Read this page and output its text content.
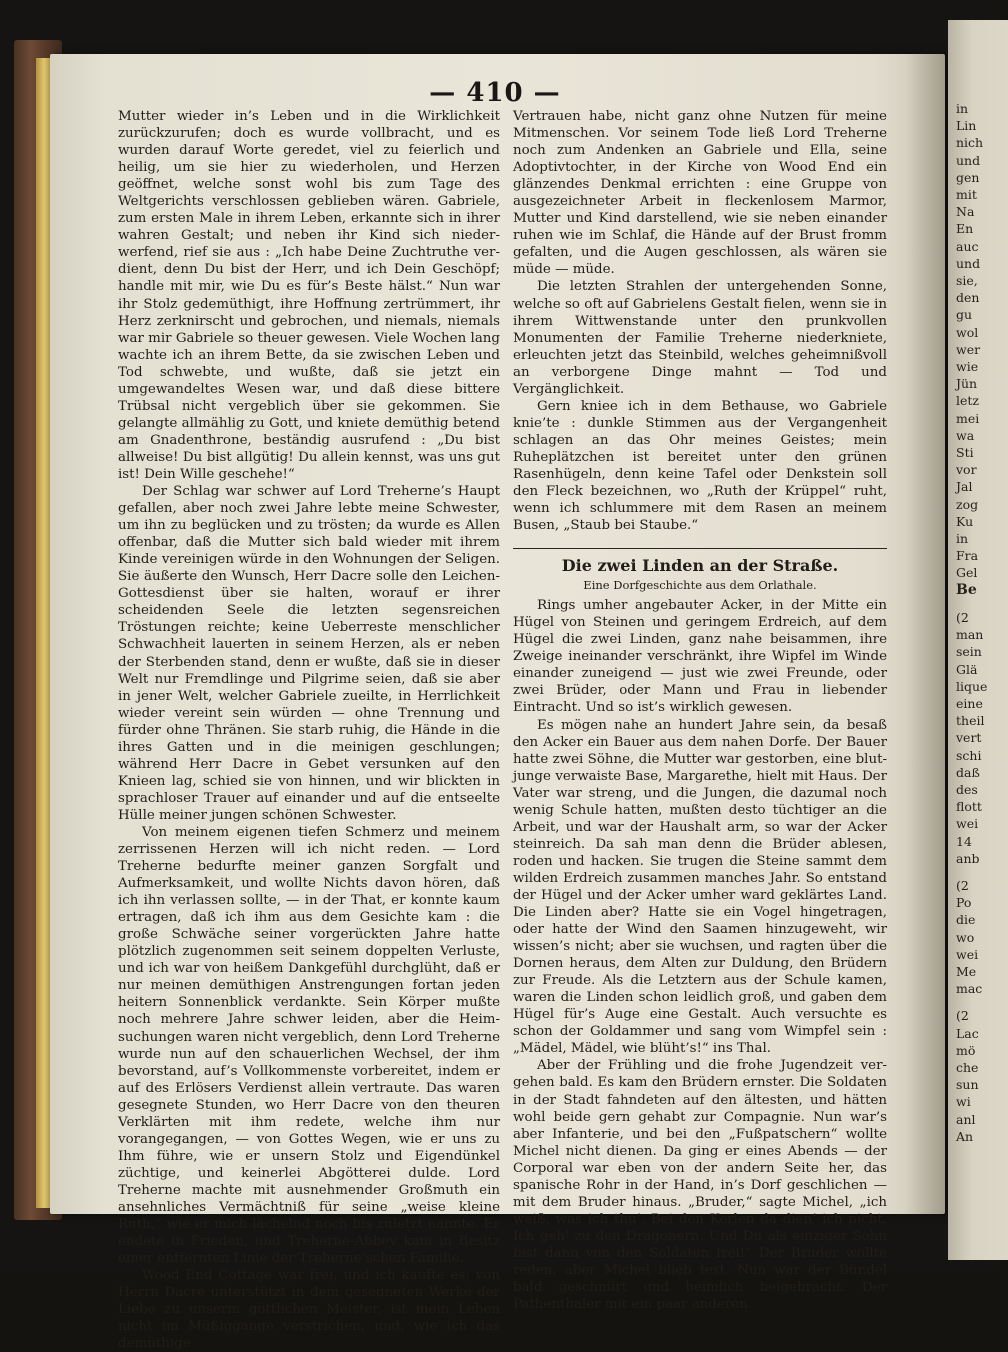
— 410 —

Mutter wieder in’s Leben und in die Wirklichkeit zurückzurufen; doch es wurde vollbracht, und es wurden darauf Worte geredet, viel zu feierlich und heilig, um sie hier zu wiederholen, und Herzen geöffnet, welche sonst wohl bis zum Tage des Weltgerichts verschlossen geblieben wären. Gabriele, zum ersten Male in ihrem Leben, erkannte sich in ihrer wahren Gestalt; und neben ihr Kind sich niederwerfend, rief sie aus : „Ich habe Deine Zuchtruthe verdient, denn Du bist der Herr, und ich Dein Geschöpf; handle mit mir, wie Du es für’s Beste hälst.“ Nun war ihr Stolz gedemüthigt, ihre Hoffnung zertrümmert, ihr Herz zerknirscht und gebrochen, und niemals, niemals war mir Gabriele so theuer gewesen. Viele Wochen lang wachte ich an ihrem Bette, da sie zwischen Leben und Tod schwebte, und wußte, daß sie jetzt ein umgewandeltes Wesen war, und daß diese bittere Trübsal nicht vergeblich über sie gekommen. Sie gelangte allmählig zu Gott, und kniete demüthig betend am Gnadenthrone, beständig ausrufend : „Du bist allweise! Du bist allgütig! Du allein kennst, was uns gut ist! Dein Wille geschehe!“

Der Schlag war schwer auf Lord Treherne’s Haupt gefallen, aber noch zwei Jahre lebte meine Schwester, um ihn zu beglücken und zu trösten; da wurde es Allen offenbar, daß die Mutter sich bald wieder mit ihrem Kinde vereinigen würde in den Wohnungen der Seligen. Sie äußerte den Wunsch, Herr Dacre solle den Leichen-Gottesdienst über sie halten, worauf er ihrer scheidenden Seele die letzten segensreichen Tröstungen reichte; keine Ueberreste menschlicher Schwachheit lauerten in seinem Herzen, als er neben der Sterbenden stand, denn er wußte, daß sie in dieser Welt nur Fremdlinge und Pilgrime seien, daß sie aber in jener Welt, welcher Gabriele zueilte, in Herrlichkeit wieder vereint sein würden — ohne Trennung und fürder ohne Thränen. Sie starb ruhig, die Hände in die ihres Gatten und in die meinigen geschlungen; während Herr Dacre in Gebet versunken auf den Knieen lag, schied sie von hinnen, und wir blickten in sprachloser Trauer auf einander und auf die entseelte Hülle meiner jungen schönen Schwester.

Von meinem eigenen tiefen Schmerz und meinem zerrissenen Herzen will ich nicht reden. — Lord Treherne bedurfte meiner ganzen Sorgfalt und Aufmerksamkeit, und wollte Nichts davon hören, daß ich ihn verlassen sollte, — in der That, er konnte kaum ertragen, daß ich ihm aus dem Gesichte kam : die große Schwäche seiner vorgerückten Jahre hatte plötzlich zugenommen seit seinem doppelten Verluste, und ich war von heißem Dankgefühl durchglüht, daß er nur meinen demüthigen Anstrengungen fortan jeden heitern Sonnenblick verdankte. Sein Körper mußte noch mehrere Jahre schwer leiden, aber die Heimsuchungen waren nicht vergeblich, denn Lord Treherne wurde nun auf den schauerlichen Wechsel, der ihm bevorstand, auf’s Vollkommenste vorbereitet, indem er auf des Erlösers Verdienst allein vertraute. Das waren gesegnete Stunden, wo Herr Dacre von den theuren Verklärten mit ihm redete, welche ihm nur vorangegangen, — von Gottes Wegen, wie er uns zu Ihm führe, wie er unsern Stolz und Eigendünkel züchtige, und keinerlei Abgötterei dulde. Lord Treherne machte mit ausnehmender Großmuth ein ansehnliches Vermächtniß für seine „weise kleine Ruth,“ wie er mich lächelnd noch bis zuletzt nannte. Er endete in Frieden, und Treherne-Abbey kam in Besitz einer entfernten Linie der Treherne’schen Familie.

Wood End Cottage war frei, und ich kaufte es; von Herrn Dacre unterstützt in dem gesegneten Werke der Liebe zu unserm göttlichen Meister, ist mein Leben nicht im Müßiggange verstrichen, und, wie ich das demüthige

Vertrauen habe, nicht ganz ohne Nutzen für meine Mitmenschen. Vor seinem Tode ließ Lord Treherne noch zum Andenken an Gabriele und Ella, seine Adoptivtochter, in der Kirche von Wood End ein glänzendes Denkmal errichten : eine Gruppe von ausgezeichneter Arbeit in fleckenlosem Marmor, Mutter und Kind darstellend, wie sie neben einander ruhen wie im Schlaf, die Hände auf der Brust fromm gefalten, und die Augen geschlossen, als wären sie müde — müde.

Die letzten Strahlen der untergehenden Sonne, welche so oft auf Gabrielens Gestalt fielen, wenn sie in ihrem Wittwenstande unter den prunkvollen Monumenten der Familie Treherne niederkniete, erleuchten jetzt das Steinbild, welches geheimnißvoll an verborgene Dinge mahnt — Tod und Vergänglichkeit.

Gern kniee ich in dem Bethause, wo Gabriele knie’te : dunkle Stimmen aus der Vergangenheit schlagen an das Ohr meines Geistes; mein Ruheplätzchen ist bereitet unter den grünen Rasenhügeln, denn keine Tafel oder Denkstein soll den Fleck bezeichnen, wo „Ruth der Krüppel“ ruht, wenn ich schlummere mit dem Rasen an meinem Busen, „Staub bei Staube.“

Die zwei Linden an der Straße.
Eine Dorfgeschichte aus dem Orlathale.

Rings umher angebauter Acker, in der Mitte ein Hügel von Steinen und geringem Erdreich, auf dem Hügel die zwei Linden, ganz nahe beisammen, ihre Zweige ineinander verschränkt, ihre Wipfel im Winde einander zuneigend — just wie zwei Freunde, oder zwei Brüder, oder Mann und Frau in liebender Eintracht. Und so ist’s wirklich gewesen.

Es mögen nahe an hundert Jahre sein, da besaß den Acker ein Bauer aus dem nahen Dorfe. Der Bauer hatte zwei Söhne, die Mutter war gestorben, eine blutjunge verwaiste Base, Margarethe, hielt mit Haus. Der Vater war streng, und die Jungen, die dazumal noch wenig Schule hatten, mußten desto tüchtiger an die Arbeit, und war der Haushalt arm, so war der Acker steinreich. Da sah man denn die Brüder ablesen, roden und hacken. Sie trugen die Steine sammt dem wilden Erdreich zusammen manches Jahr. So entstand der Hügel und der Acker umher ward geklärtes Land. Die Linden aber? Hatte sie ein Vogel hingetragen, oder hatte der Wind den Saamen hinzugeweht, wir wissen’s nicht; aber sie wuchsen, und ragten über die Dornen heraus, dem Alten zur Duldung, den Brüdern zur Freude. Als die Letztern aus der Schule kamen, waren die Linden schon leidlich groß, und gaben dem Hügel für’s Auge eine Gestalt. Auch versuchte es schon der Goldammer und sang vom Wimpfel sein : „Mädel, Mädel, wie blüht’s!“ ins Thal.

Aber der Frühling und die frohe Jugendzeit vergehen bald. Es kam den Brüdern ernster. Die Soldaten in der Stadt fahndeten auf den ältesten, und hätten wohl beide gern gehabt zur Compagnie. Nun war’s aber Infanterie, und bei den „Fußpatschern“ wollte Michel nicht dienen. Da ging er eines Abends — der Corporal war eben von der andern Seite her, das spanische Rohr in der Hand, in’s Dorf geschlichen — mit dem Bruder hinaus. „Bruder,“ sagte Michel, „ich weiß, was ich thu’. Bei den Kerlen da dien’ ich nicht. Ich geh’ zu den Dragonern. Und Du als einziger Sohn bist dann von den Soldaten frei!“ Der Bruder wollte reden, aber Michel blieb fest. Nun war der Bündel bald geschnürt und heimlich beigebracht. Der Pathenthaler mit ein paar anderen

in
Lin
nich
und
gen
mit
Na
En
auc
und
sie,
den
gu
wol
wer
wie
Jün
letz
mei
wa
Sti
vor
Jal
zog
Ku
in
Fra
Gel
Be
(2
man
sein
Glä
lique
eine
theil
vert
schi
daß
des
flott
wei
14
anb
(2
Po
die
wo
wei
Me
mac
(2
Lac
mö
che
sun
wi
anl
An
